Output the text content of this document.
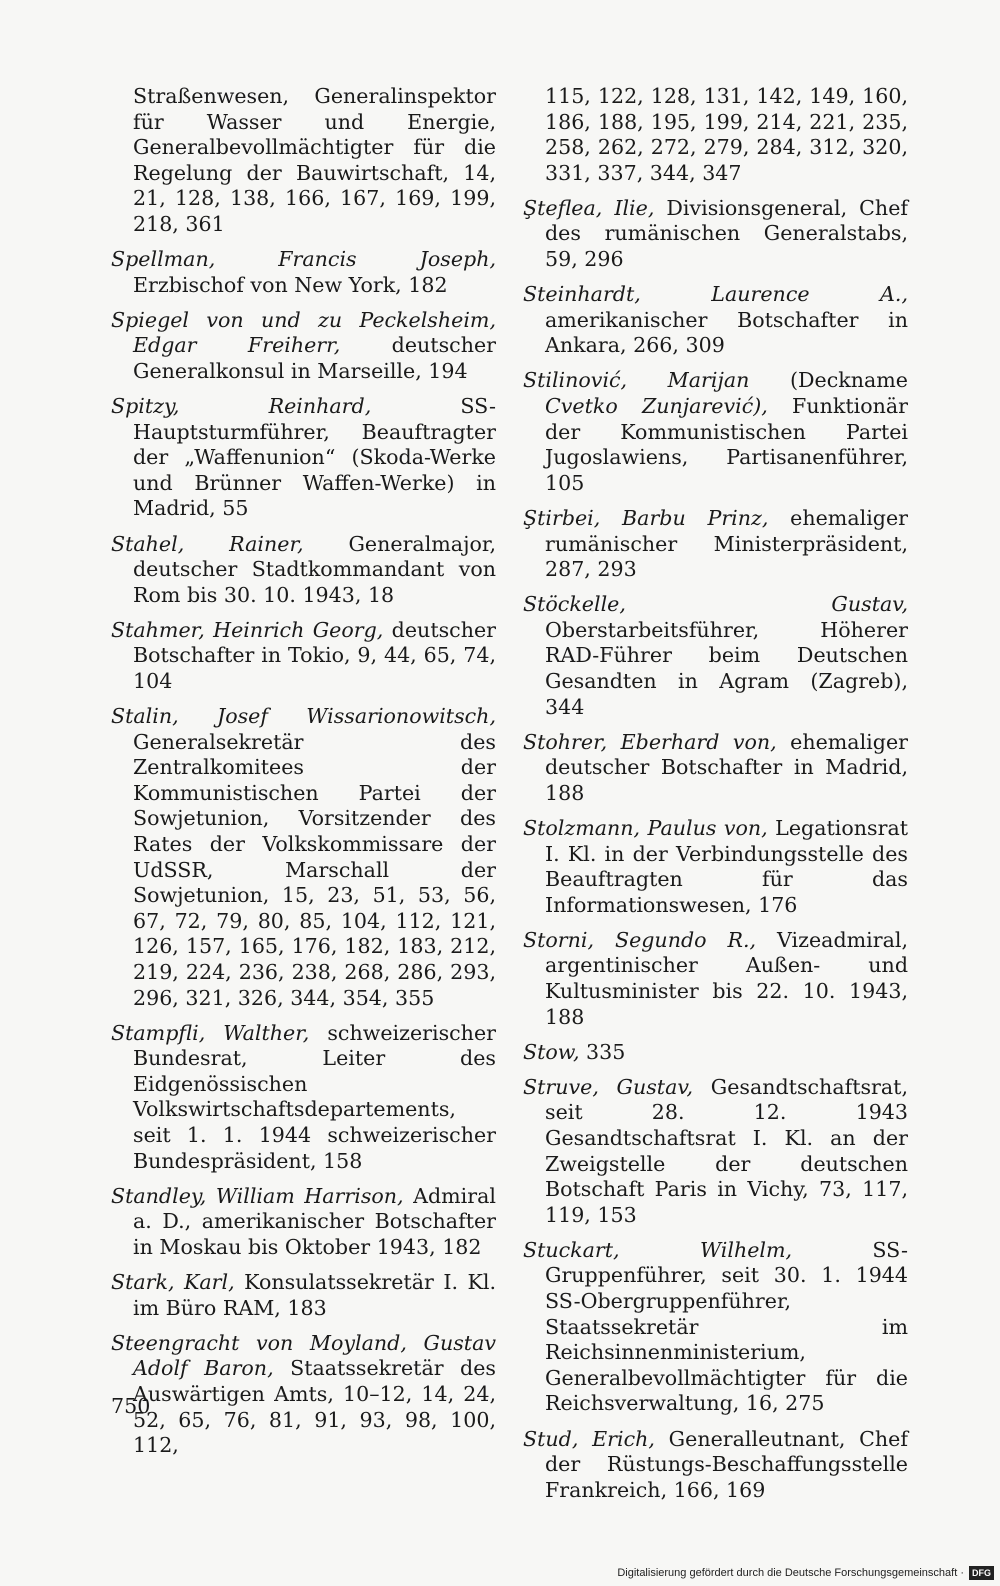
Straßenwesen, Generalinspektor für Wasser und Energie, Generalbevollmächtigter für die Regelung der Bauwirtschaft, 14, 21, 128, 138, 166, 167, 169, 199, 218, 361

Spellman, Francis Joseph, Erzbischof von New York, 182

Spiegel von und zu Peckelsheim, Edgar Freiherr, deutscher Generalkonsul in Marseille, 194

Spitzy, Reinhard, SS-Hauptsturmführer, Beauftragter der „Waffenunion“ (Skoda-Werke und Brünner Waffen-Werke) in Madrid, 55

Stahel, Rainer, Generalmajor, deutscher Stadtkommandant von Rom bis 30. 10. 1943, 18

Stahmer, Heinrich Georg, deutscher Botschafter in Tokio, 9, 44, 65, 74, 104

Stalin, Josef Wissarionowitsch, Generalsekretär des Zentralkomitees der Kommunistischen Partei der Sowjetunion, Vorsitzender des Rates der Volkskommissare der UdSSR, Marschall der Sowjetunion, 15, 23, 51, 53, 56, 67, 72, 79, 80, 85, 104, 112, 121, 126, 157, 165, 176, 182, 183, 212, 219, 224, 236, 238, 268, 286, 293, 296, 321, 326, 344, 354, 355

Stampfli, Walther, schweizerischer Bundesrat, Leiter des Eidgenössischen Volkswirtschaftsdepartements, seit 1. 1. 1944 schweizerischer Bundespräsident, 158

Standley, William Harrison, Admiral a. D., amerikanischer Botschafter in Moskau bis Oktober 1943, 182

Stark, Karl, Konsulatssekretär I. Kl. im Büro RAM, 183

Steengracht von Moyland, Gustav Adolf Baron, Staatssekretär des Auswärtigen Amts, 10–12, 14, 24, 52, 65, 76, 81, 91, 93, 98, 100, 112,

115, 122, 128, 131, 142, 149, 160, 186, 188, 195, 199, 214, 221, 235, 258, 262, 272, 279, 284, 312, 320, 331, 337, 344, 347

Şteflea, Ilie, Divisionsgeneral, Chef des rumänischen Generalstabs, 59, 296

Steinhardt, Laurence A., amerikanischer Botschafter in Ankara, 266, 309

Stilinović, Marijan (Deckname Cvetko Zunjarević), Funktionär der Kommunistischen Partei Jugoslawiens, Partisanenführer, 105

Ştirbei, Barbu Prinz, ehemaliger rumänischer Ministerpräsident, 287, 293

Stöckelle, Gustav, Oberstarbeitsführer, Höherer RAD-Führer beim Deutschen Gesandten in Agram (Zagreb), 344

Stohrer, Eberhard von, ehemaliger deutscher Botschafter in Madrid, 188

Stolzmann, Paulus von, Legationsrat I. Kl. in der Verbindungsstelle des Beauftragten für das Informationswesen, 176

Storni, Segundo R., Vizeadmiral, argentinischer Außen- und Kultusminister bis 22. 10. 1943, 188

Stow, 335

Struve, Gustav, Gesandtschaftsrat, seit 28. 12. 1943 Gesandtschaftsrat I. Kl. an der Zweigstelle der deutschen Botschaft Paris in Vichy, 73, 117, 119, 153

Stuckart, Wilhelm, SS-Gruppenführer, seit 30. 1. 1944 SS-Obergruppenführer, Staatssekretär im Reichsinnenministerium, Generalbevollmächtigter für die Reichsverwaltung, 16, 275

Stud, Erich, Generalleutnant, Chef der Rüstungs-Beschaffungsstelle Frankreich, 166, 169

750
Digitalisierung gefördert durch die Deutsche Forschungsgemeinschaft · DFG
